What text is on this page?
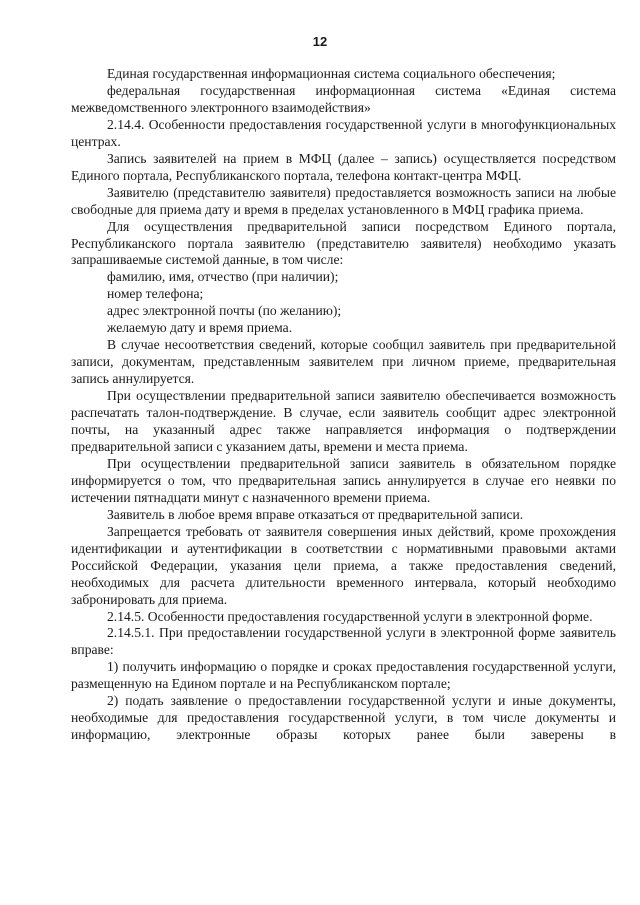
12

Единая государственная информационная система социального обеспечения;

федеральная государственная информационная система «Единая система межведомственного электронного взаимодействия»

2.14.4. Особенности предоставления государственной услуги в многофункциональных центрах.

Запись заявителей на прием в МФЦ (далее – запись) осуществляется посредством Единого портала, Республиканского портала, телефона контакт-центра МФЦ.

Заявителю (представителю заявителя) предоставляется возможность записи на любые свободные для приема дату и время в пределах установленного в МФЦ графика приема.

Для осуществления предварительной записи посредством Единого портала, Республиканского портала заявителю (представителю заявителя) необходимо указать запрашиваемые системой данные, в том числе:

фамилию, имя, отчество (при наличии);

номер телефона;

адрес электронной почты (по желанию);

желаемую дату и время приема.

В случае несоответствия сведений, которые сообщил заявитель при предварительной записи, документам, представленным заявителем при личном приеме, предварительная запись аннулируется.

При осуществлении предварительной записи заявителю обеспечивается возможность распечатать талон-подтверждение. В случае, если заявитель сообщит адрес электронной почты, на указанный адрес также направляется информация о подтверждении предварительной записи с указанием даты, времени и места приема.

При осуществлении предварительной записи заявитель в обязательном порядке информируется о том, что предварительная запись аннулируется в случае его неявки по истечении пятнадцати минут с назначенного времени приема.

Заявитель в любое время вправе отказаться от предварительной записи.

Запрещается требовать от заявителя совершения иных действий, кроме прохождения идентификации и аутентификации в соответствии с нормативными правовыми актами Российской Федерации, указания цели приема, а также предоставления сведений, необходимых для расчета длительности временного интервала, который необходимо забронировать для приема.

2.14.5. Особенности предоставления государственной услуги в электронной форме.

2.14.5.1. При предоставлении государственной услуги в электронной форме заявитель вправе:

1) получить информацию о порядке и сроках предоставления государственной услуги, размещенную на Едином портале и на Республиканском портале;

2) подать заявление о предоставлении государственной услуги и иные документы, необходимые для предоставления государственной услуги, в том числе документы и информацию, электронные образы которых ранее были заверены в
